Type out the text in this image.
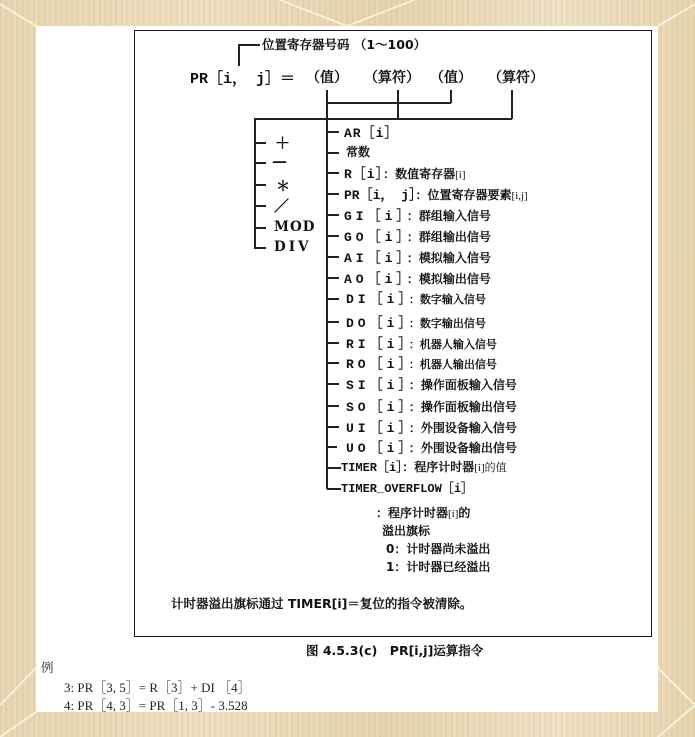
位置寄存器号码 （1～100）
PR［i， j］＝ （值） （算符） （值） （算符）
＋
—
＊
／
MOD
DIV
AR［i］
常数
R［i］：数值寄存器[i]
PR［i， j］：位置寄存器要素[i,j]
GI［i］：群组输入信号
GO［i］：群组输出信号
AI［i］：模拟输入信号
AO［i］：模拟输出信号
DI［i］：数字输入信号
DO［i］：数字输出信号
RI［i］：机器人输入信号
RO［i］：机器人输出信号
SI［i］：操作面板输入信号
SO［i］：操作面板输出信号
UI［i］：外围设备输入信号
UO［i］：外围设备输出信号
TIMER［i］：程序计时器[i]的值
TIMER_OVERFLOW［i］
：程序计时器[i]的
溢出旗标
0：计时器尚未溢出
1：计时器已经溢出
计时器溢出旗标通过 TIMER[i]＝复位的指令被清除。
图 4.5.3(c)　PR[i,j]运算指令
例
3: PR［3, 5］= R［3］+ DI ［4］
4: PR［4, 3］= PR［1, 3］- 3.528
